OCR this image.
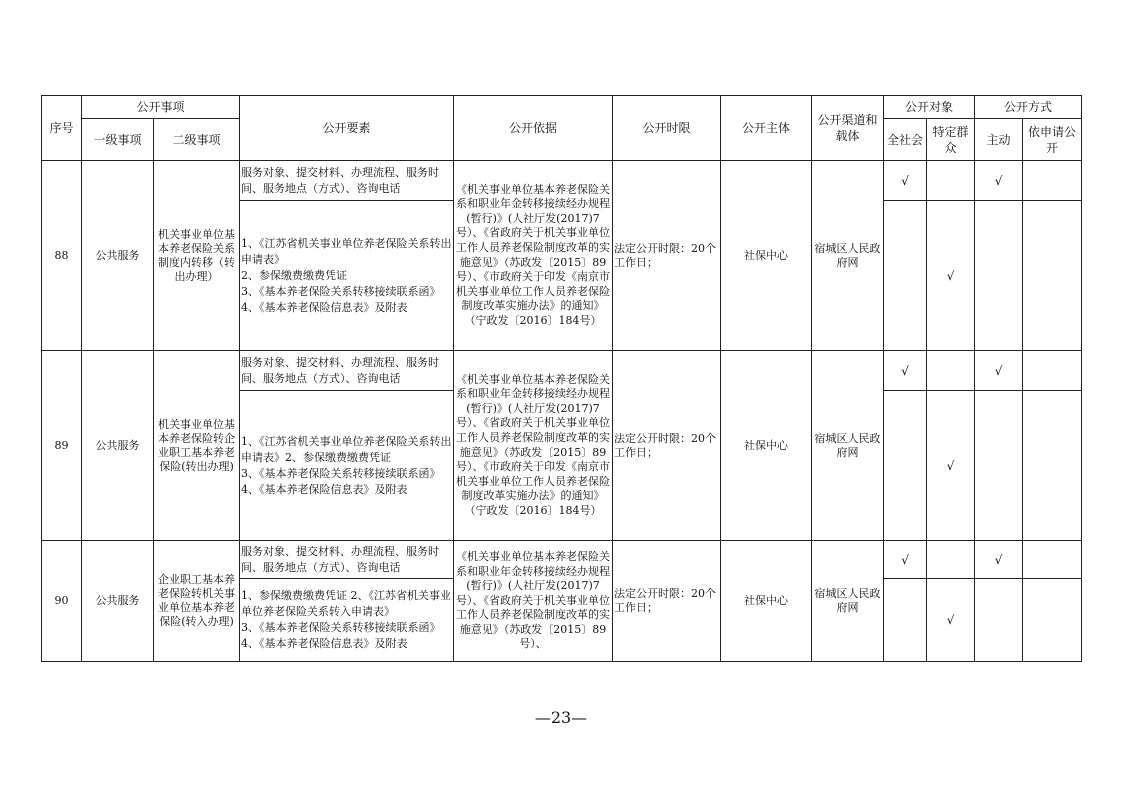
序号	公开事项		公开要素	公开依据	公开时限	公开主体	公开渠道和载体	公开对象		公开方式	
	一级事项	二级事项						全社会	特定群众	主动	依申请公开
88	公共服务	机关事业单位基本养老保险关系制度内转移（转出办理）	服务对象、提交材料、办理流程、服务时间、服务地点（方式）、咨询电话	《机关事业单位基本养老保险关系和职业年金转移接续经办规程(暂行)》(人社厅发(2017)7号）、《省政府关于机关事业单位工作人员养老保险制度改革的实施意见》（苏政发〔2015〕89号）、《市政府关于印发《南京市机关事业单位工作人员养老保险制度改革实施办法》的通知》（宁政发〔2016〕184号）	法定公开时限：20个工作日；	社保中心	宿城区人民政府网	√		√	
			1、《江苏省机关事业单位养老保险关系转出申请表》
2、参保缴费缴费凭证
3、《基本养老保险关系转移接续联系函》
4、《基本养老保险信息表》及附表						√		
89	公共服务	机关事业单位基本养老保险转企业职工基本养老保险(转出办理)	服务对象、提交材料、办理流程、服务时间、服务地点（方式）、咨询电话	《机关事业单位基本养老保险关系和职业年金转移接续经办规程(暂行)》(人社厅发(2017)7号）、《省政府关于机关事业单位工作人员养老保险制度改革的实施意见》（苏政发〔2015〕89号）、《市政府关于印发《南京市机关事业单位工作人员养老保险制度改革实施办法》的通知》（宁政发〔2016〕184号）	法定公开时限：20个工作日；	社保中心	宿城区人民政府网	√		√	
			1、《江苏省机关事业单位养老保险关系转出申请表》2、参保缴费缴费凭证
3、《基本养老保险关系转移接续联系函》
4、《基本养老保险信息表》及附表						√		
90	公共服务	企业职工基本养老保险转机关事业单位基本养老保险(转入办理)	服务对象、提交材料、办理流程、服务时间、服务地点（方式）、咨询电话	《机关事业单位基本养老保险关系和职业年金转移接续经办规程(暂行)》(人社厅发(2017)7号）、《省政府关于机关事业单位工作人员养老保险制度改革的实施意见》（苏政发〔2015〕89号）、	法定公开时限：20个工作日；	社保中心	宿城区人民政府网	√		√	
			1、参保缴费缴费凭证 2、《江苏省机关事业单位养老保险关系转入申请表》
3、《基本养老保险关系转移接续联系函》
4、《基本养老保险信息表》及附表						√		
—23—
